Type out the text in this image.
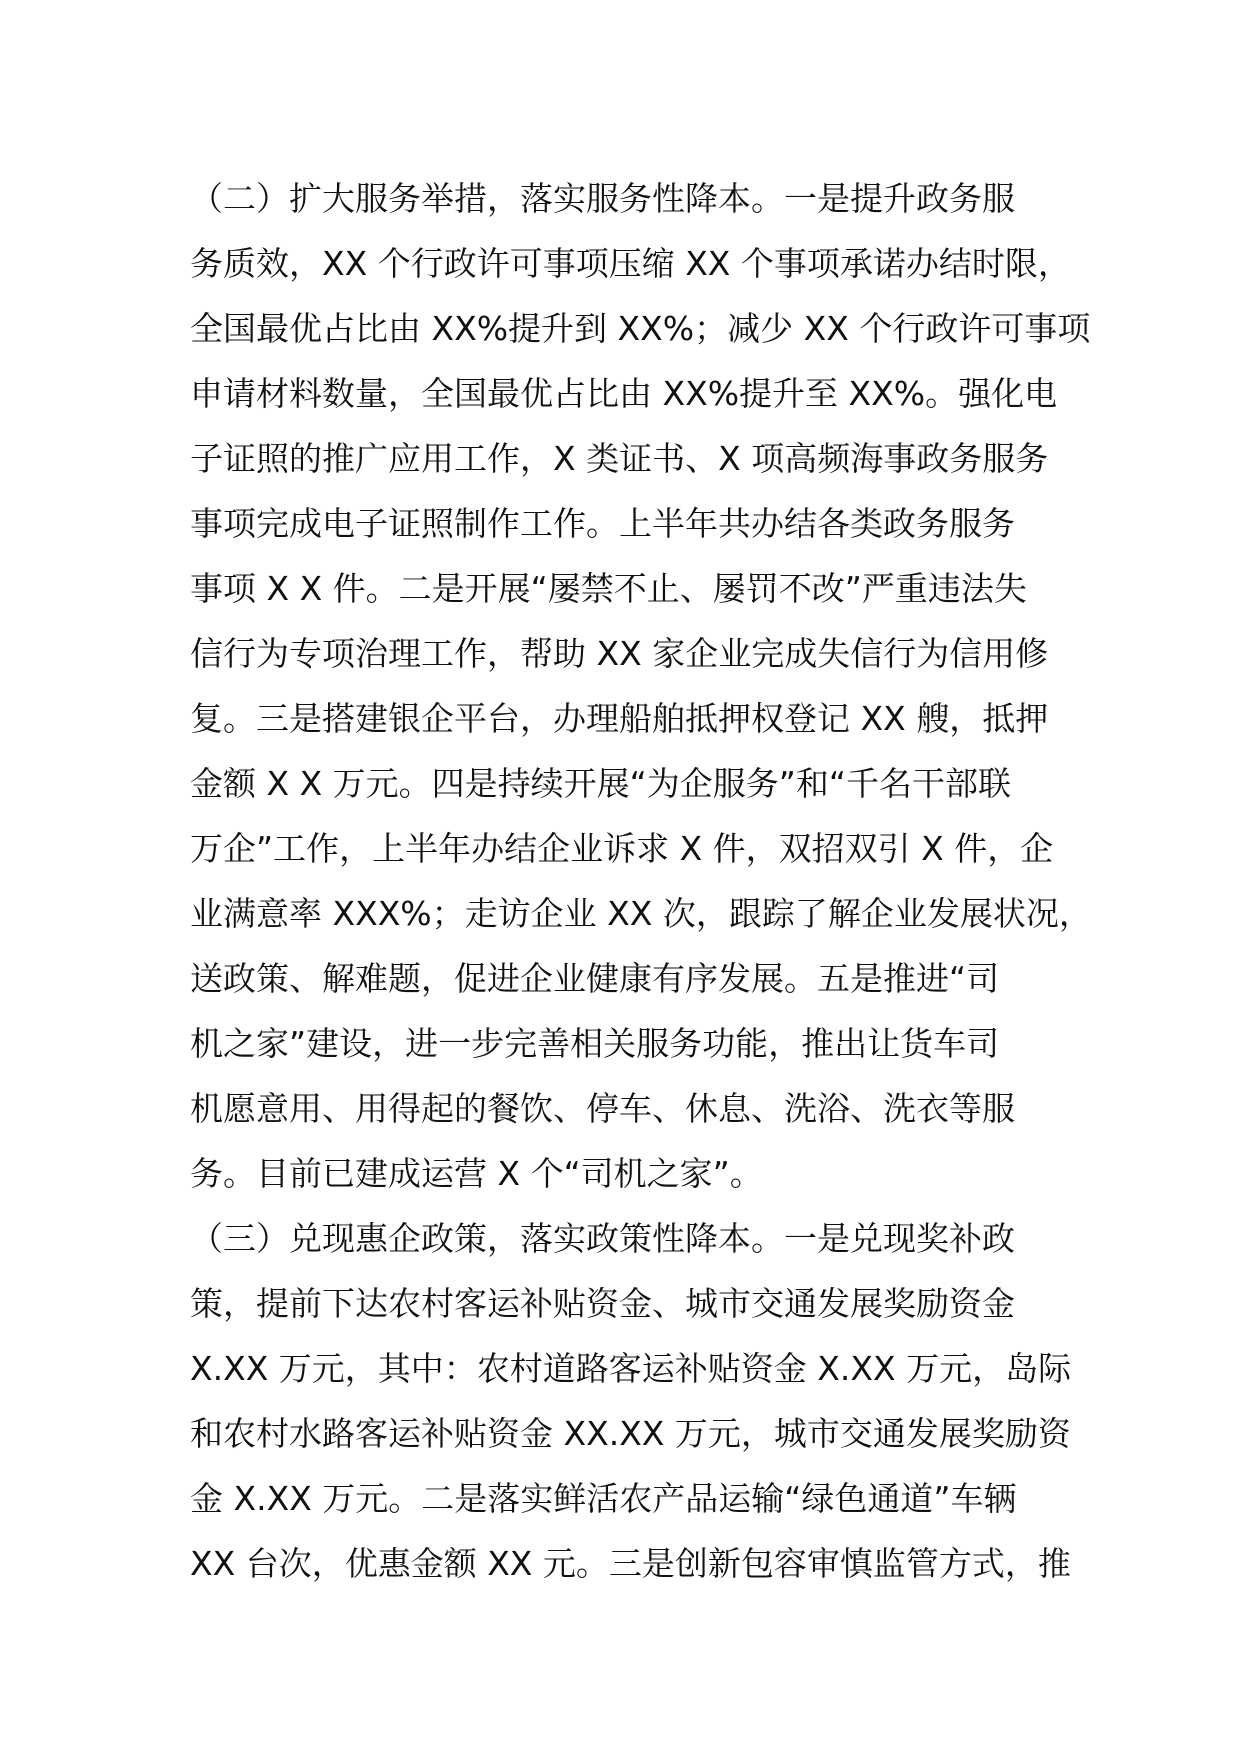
（二）扩大服务举措，落实服务性降本。一是提升政务服
务质效，XX 个行政许可事项压缩 XX 个事项承诺办结时限，
全国最优占比由 XX%提升到 XX%；减少 XX 个行政许可事项
申请材料数量，全国最优占比由 XX%提升至 XX%。强化电
子证照的推广应用工作，X 类证书、X 项高频海事政务服务
事项完成电子证照制作工作。上半年共办结各类政务服务
事项 X X 件。二是开展“屡禁不止、屡罚不改”严重违法失
信行为专项治理工作，帮助 XX 家企业完成失信行为信用修
复。三是搭建银企平台，办理船舶抵押权登记 XX 艘，抵押
金额 X X 万元。四是持续开展“为企服务”和“千名干部联
万企”工作，上半年办结企业诉求 X 件，双招双引 X 件，企
业满意率 XXX%；走访企业 XX 次，跟踪了解企业发展状况，
送政策、解难题，促进企业健康有序发展。五是推进“司
机之家”建设，进一步完善相关服务功能，推出让货车司
机愿意用、用得起的餐饮、停车、休息、洗浴、洗衣等服
务。目前已建成运营 X 个“司机之家”。
（三）兑现惠企政策，落实政策性降本。一是兑现奖补政
策，提前下达农村客运补贴资金、城市交通发展奖励资金
X.XX 万元，其中：农村道路客运补贴资金 X.XX 万元，岛际
和农村水路客运补贴资金 XX.XX 万元，城市交通发展奖励资
金 X.XX 万元。二是落实鲜活农产品运输“绿色通道”车辆
XX 台次，优惠金额 XX 元。三是创新包容审慎监管方式，推
